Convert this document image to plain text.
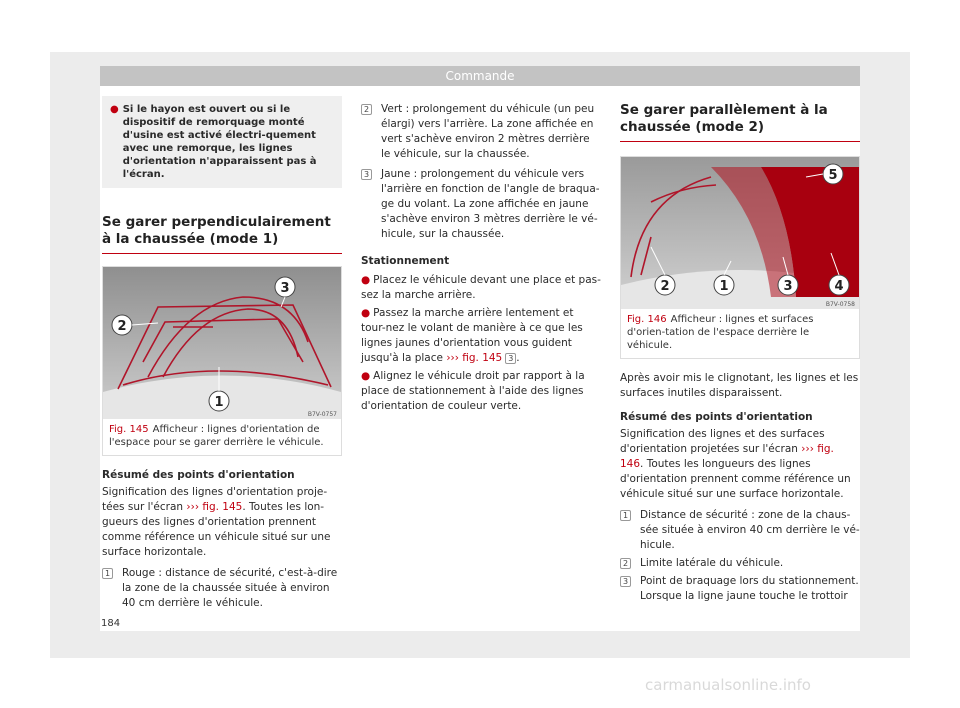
Commande
● Si le hayon est ouvert ou si le dispositif de remorquage monté d'usine est activé électri-quement avec une remorque, les lignes d'orientation n'apparaissent pas à l'écran.
Se garer perpendiculairement à la chaussée (mode 1)
2
3
1
B7V-0757
Fig. 145 Afficheur : lignes d'orientation de l'espace pour se garer derrière le véhicule.

Résumé des points d'orientation

Signification des lignes d'orientation proje-tées sur l'écran ››› fig. 145. Toutes les lon-gueurs des lignes d'orientation prennent comme référence un véhicule situé sur une surface horizontale.

1 Rouge : distance de sécurité, c'est-à-dire la zone de la chaussée située à environ 40 cm derrière le véhicule.
2 Vert : prolongement du véhicule (un peu élargi) vers l'arrière. La zone affichée en vert s'achève environ 2 mètres derrière le véhicule, sur la chaussée.
3 Jaune : prolongement du véhicule vers l'arrière en fonction de l'angle de braqua-ge du volant. La zone affichée en jaune s'achève environ 3 mètres derrière le vé-hicule, sur la chaussée.

Stationnement

● Placez le véhicule devant une place et pas-sez la marche arrière.

● Passez la marche arrière lentement et tour-nez le volant de manière à ce que les lignes jaunes d'orientation vous guident jusqu'à la place ››› fig. 145 3 .

● Alignez le véhicule droit par rapport à la place de stationnement à l'aide des lignes d'orientation de couleur verte.

Se garer parallèlement à la chaussée (mode 2)
5
2	1	3	4
B7V-0758
Fig. 146 Afficheur : lignes et surfaces d'orien-tation de l'espace derrière le véhicule.

Après avoir mis le clignotant, les lignes et les surfaces inutiles disparaissent.

Résumé des points d'orientation

Signification des lignes et des surfaces d'orientation projetées sur l'écran ››› fig. 146. Toutes les longueurs des lignes d'orientation prennent comme référence un véhicule situé sur une surface horizontale.

1 Distance de sécurité : zone de la chaus-sée située à environ 40 cm derrière le vé-hicule.
2 Limite latérale du véhicule.
3 Point de braquage lors du stationnement. Lorsque la ligne jaune touche le trottoir
184
carmanualsonline.info
